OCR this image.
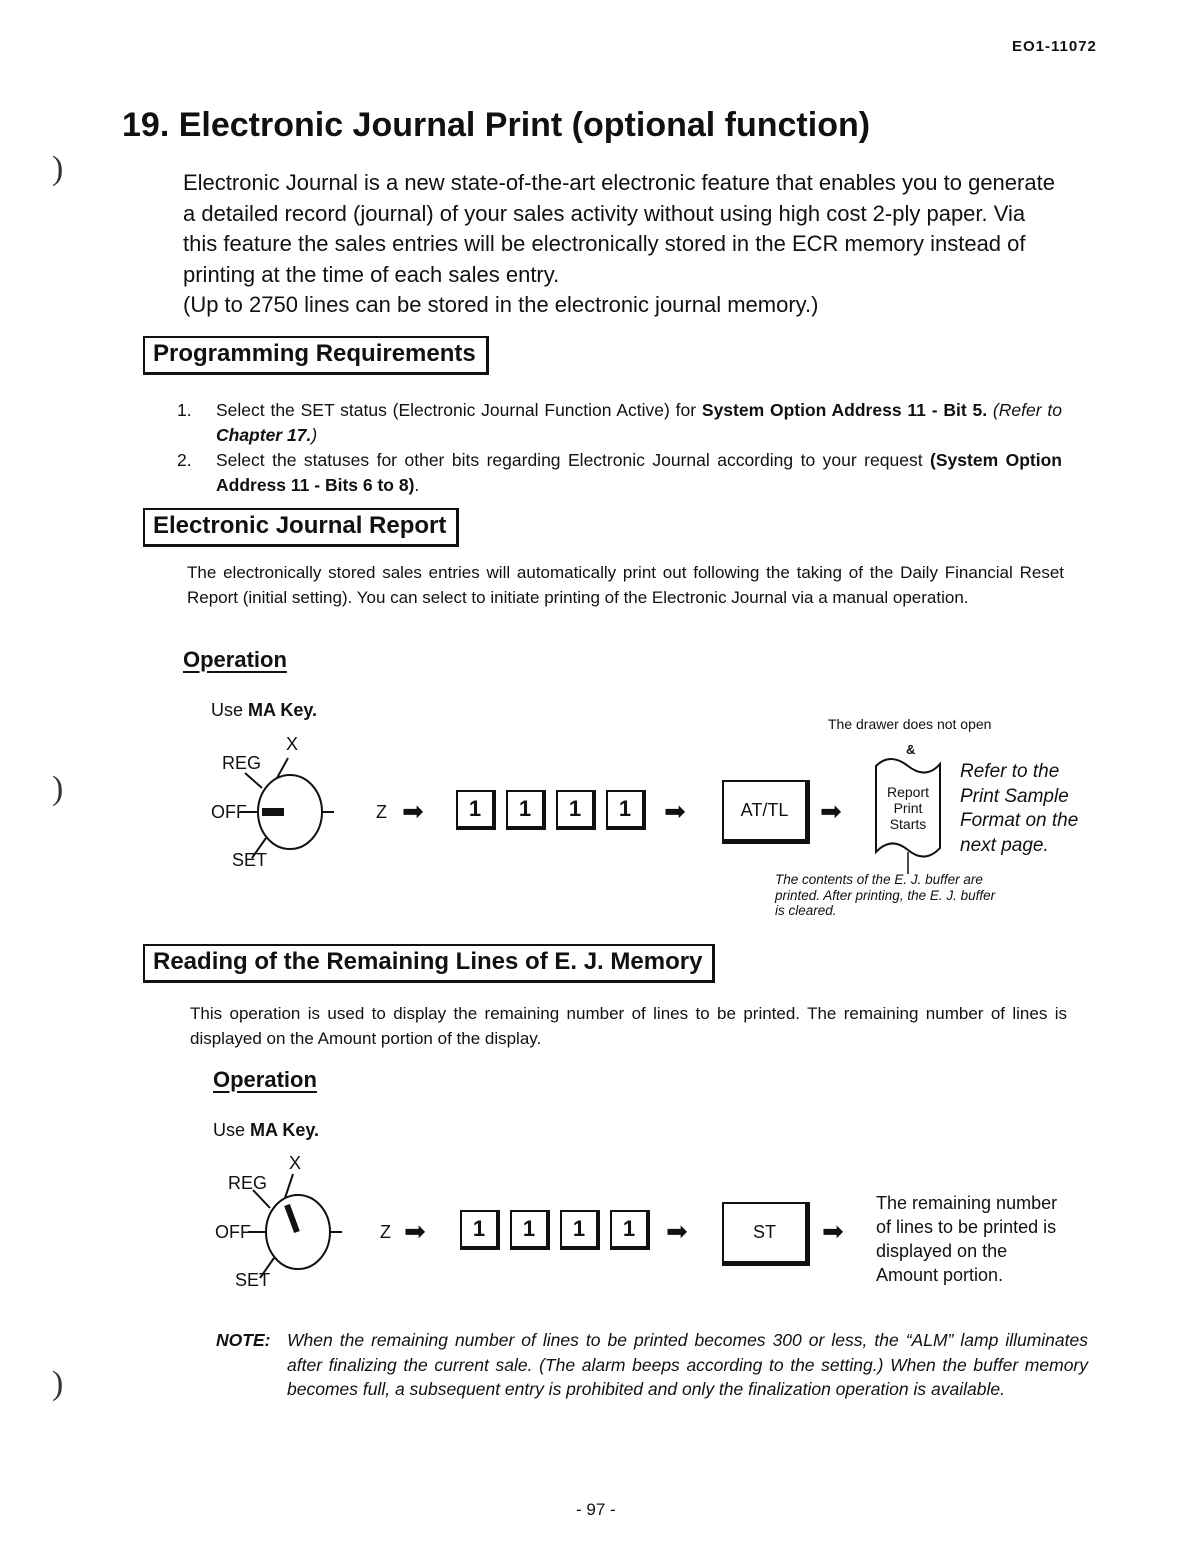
)
)
)
EO1-11072
19. Electronic Journal Print (optional function)
Electronic Journal is a new state-of-the-art electronic feature that enables you to generate a detailed record (journal) of your sales activity without using high cost 2-ply paper. Via this feature the sales entries will be electronically stored in the ECR memory instead of printing at the time of each sales entry.
(Up to 2750 lines can be stored in the electronic journal memory.)
Programming Requirements
1. Select the SET status (Electronic Journal Function Active) for System Option Address 11 - Bit 5. (Refer to Chapter 17.)
2. Select the statuses for other bits regarding Electronic Journal according to your request (System Option Address 11 - Bits 6 to 8).
Electronic Journal Report
The electronically stored sales entries will automatically print out following the taking of the Daily Financial Reset Report (initial setting). You can select to initiate printing of the Electronic Journal via a manual operation.
Operation
Use MA Key.
X
REG
OFF
SET
Z ➡	1	1	1	1	➡	AT/TL	➡
The drawer does not open
&
Report
Print
Starts
Refer to the
Print Sample
Format on the
next page.
The contents of the E. J. buffer are
printed. After printing, the E. J. buffer
is cleared.
Reading of the Remaining Lines of E. J. Memory
This operation is used to display the remaining number of lines to be printed. The remaining number of lines is displayed on the Amount portion of the display.
Operation
Use MA Key.
X
REG
OFF
SET
Z ➡	1	1	1	1	➡	ST	➡
The remaining number
of lines to be printed is
displayed on the
Amount portion.
NOTE: When the remaining number of lines to be printed becomes 300 or less, the “ALM” lamp illuminates after finalizing the current sale. (The alarm beeps according to the setting.) When the buffer memory becomes full, a subsequent entry is prohibited and only the finalization operation is available.
- 97 -
